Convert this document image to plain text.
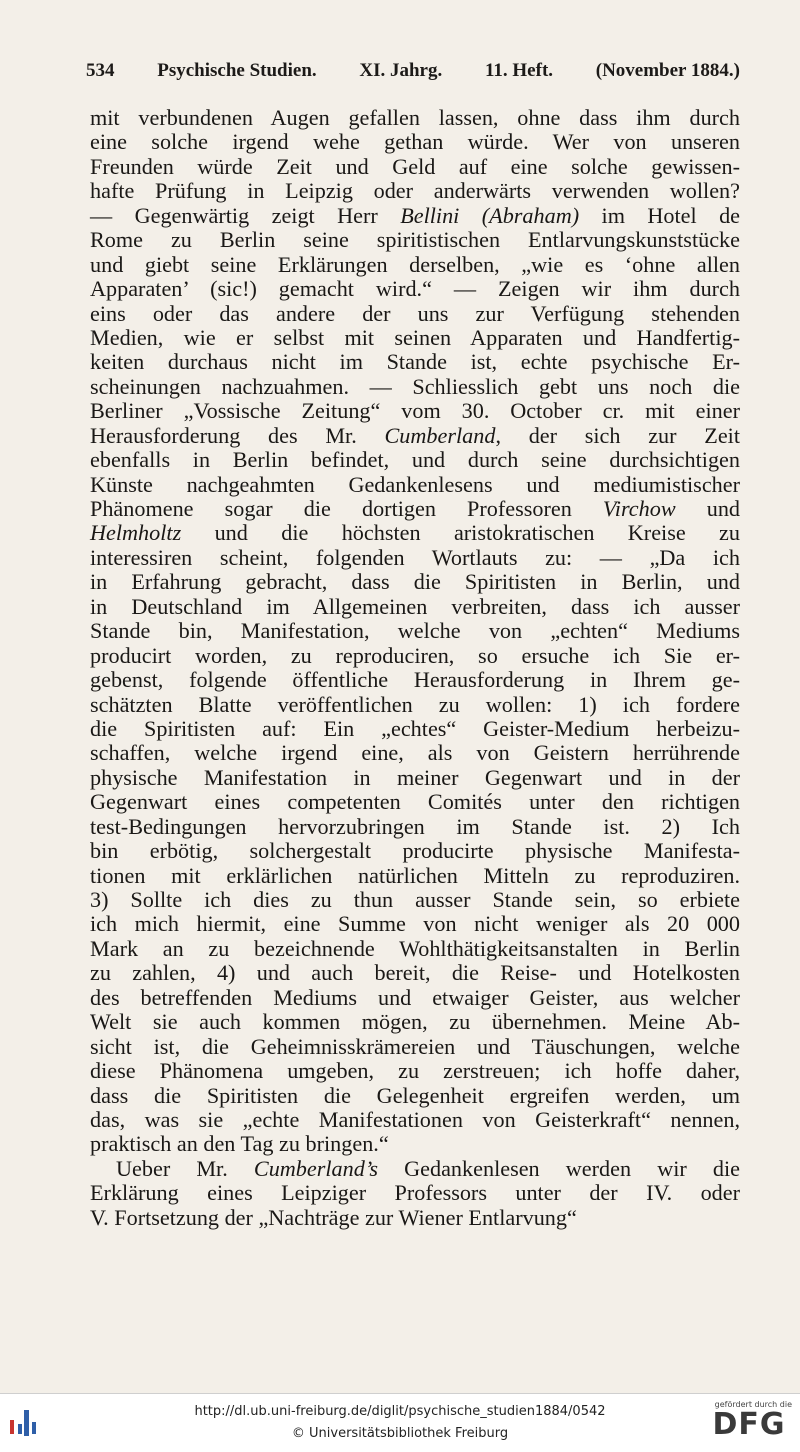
534 Psychische Studien. XI. Jahrg. 11. Heft. (November 1884.)
mit verbundenen Augen gefallen lassen, ohne dass ihm durch
eine solche irgend wehe gethan würde. Wer von unseren
Freunden würde Zeit und Geld auf eine solche gewissen-
hafte Prüfung in Leipzig oder anderwärts verwenden wollen?
— Gegenwärtig zeigt Herr Bellini (Abraham) im Hotel de
Rome zu Berlin seine spiritistischen Entlarvungskunststücke
und giebt seine Erklärungen derselben, „wie es ‘ohne allen
Apparaten’ (sic!) gemacht wird.“ — Zeigen wir ihm durch
eins oder das andere der uns zur Verfügung stehenden
Medien, wie er selbst mit seinen Apparaten und Handfertig-
keiten durchaus nicht im Stande ist, echte psychische Er-
scheinungen nachzuahmen. — Schliesslich gebt uns noch die
Berliner „Vossische Zeitung“ vom 30. October cr. mit einer
Herausforderung des Mr. Cumberland, der sich zur Zeit
ebenfalls in Berlin befindet, und durch seine durchsichtigen
Künste nachgeahmten Gedankenlesens und mediumistischer
Phänomene sogar die dortigen Professoren Virchow und
Helmholtz und die höchsten aristokratischen Kreise zu
interessiren scheint, folgenden Wortlauts zu: — „Da ich
in Erfahrung gebracht, dass die Spiritisten in Berlin, und
in Deutschland im Allgemeinen verbreiten, dass ich ausser
Stande bin, Manifestation, welche von „echten“ Mediums
producirt worden, zu reproduciren, so ersuche ich Sie er-
gebenst, folgende öffentliche Herausforderung in Ihrem ge-
schätzten Blatte veröffentlichen zu wollen: 1) ich fordere
die Spiritisten auf: Ein „echtes“ Geister-Medium herbeizu-
schaffen, welche irgend eine, als von Geistern herrührende
physische Manifestation in meiner Gegenwart und in der
Gegenwart eines competenten Comités unter den richtigen
test-Bedingungen hervorzubringen im Stande ist. 2) Ich
bin erbötig, solchergestalt producirte physische Manifesta-
tionen mit erklärlichen natürlichen Mitteln zu reproduziren.
3) Sollte ich dies zu thun ausser Stande sein, so erbiete
ich mich hiermit, eine Summe von nicht weniger als 20 000
Mark an zu bezeichnende Wohlthätigkeitsanstalten in Berlin
zu zahlen, 4) und auch bereit, die Reise- und Hotelkosten
des betreffenden Mediums und etwaiger Geister, aus welcher
Welt sie auch kommen mögen, zu übernehmen. Meine Ab-
sicht ist, die Geheimnisskrämereien und Täuschungen, welche
diese Phänomena umgeben, zu zerstreuen; ich hoffe daher,
dass die Spiritisten die Gelegenheit ergreifen werden, um
das, was sie „echte Manifestationen von Geisterkraft“ nennen,
praktisch an den Tag zu bringen.“
Ueber Mr. Cumberland’s Gedankenlesen werden wir die
Erklärung eines Leipziger Professors unter der IV. oder
V. Fortsetzung der „Nachträge zur Wiener Entlarvung“
http://dl.ub.uni-freiburg.de/diglit/psychische_studien1884/0542
© Universitätsbibliothek Freiburg
gefördert durch die
DFG
